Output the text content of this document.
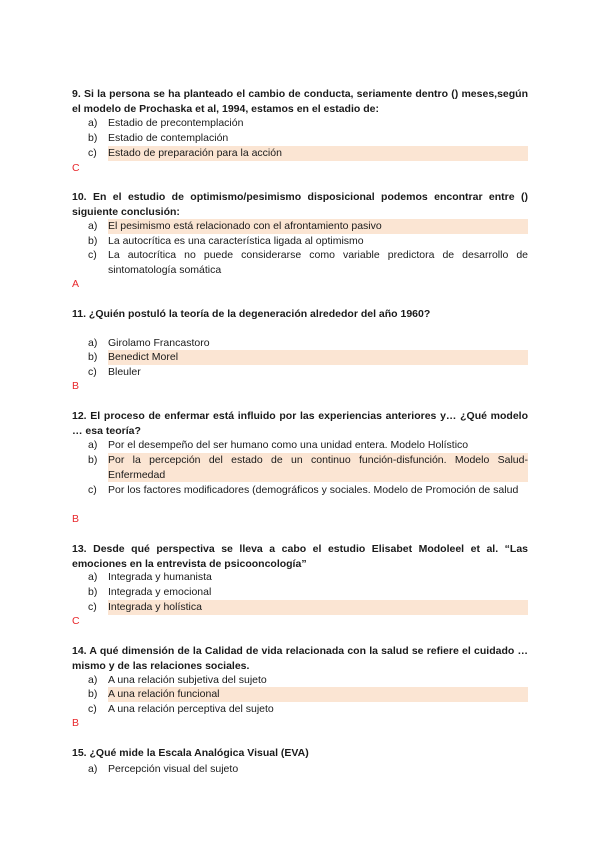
9. Si la persona se ha planteado el cambio de conducta, seriamente dentro () meses,según el modelo de Prochaska et al, 1994, estamos en el estadio de:
a)	Estadio de precontemplación
b)	Estadio de contemplación
c)	Estado de preparación para la acción
C
10. En el estudio de optimismo/pesimismo disposicional podemos encontrar entre () siguiente conclusión:
a)	El pesimismo está relacionado con el afrontamiento pasivo
b)	La autocrítica es una característica ligada al optimismo
c)	La autocrítica no puede considerarse como variable predictora de desarrollo de sintomatología somática
A
11. ¿Quién postuló la teoría de la degeneración alrededor del año 1960?
a)	Girolamo Francastoro
b)	Benedict Morel
c)	Bleuler
B
12. El proceso de enfermar está influido por las experiencias anteriores y… ¿Qué modelo … esa teoría?
a)	Por el desempeño del ser humano como una unidad entera. Modelo Holístico
b)	Por la percepción del estado de un continuo función-disfunción. Modelo Salud-Enfermedad
c)	Por los factores modificadores (demográficos y sociales. Modelo de Promoción de salud
B
13. Desde qué perspectiva se lleva a cabo el estudio Elisabet Modoleel et al. “Las emociones en la entrevista de psicooncología”
a)	Integrada y humanista
b)	Integrada y emocional
c)	Integrada y holística
C
14. A qué dimensión de la Calidad de vida relacionada con la salud se refiere el cuidado … mismo y de las relaciones sociales.
a)	A una relación subjetiva del sujeto
b)	A una relación funcional
c)	A una relación perceptiva del sujeto
B
15. ¿Qué mide la Escala Analógica Visual (EVA)
a)	Percepción visual del sujeto
